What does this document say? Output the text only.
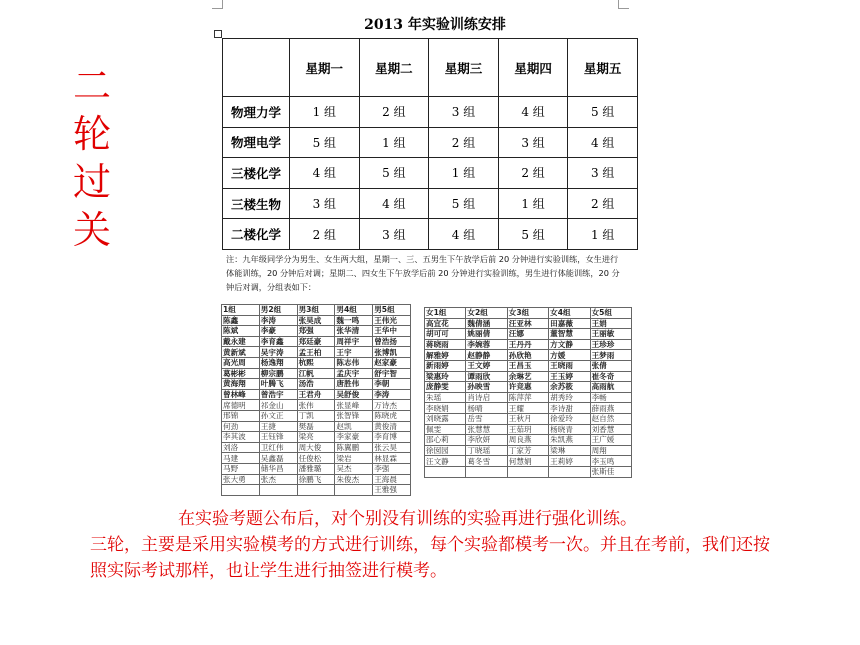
二
轮
过
关
2013 年实验训练安排
	星期一	星期二	星期三	星期四	星期五
物理力学	1 组	2 组	3 组	4 组	5 组
物理电学	5 组	1 组	2 组	3 组	4 组
三楼化学	4 组	5 组	1 组	2 组	3 组
三楼生物	3 组	4 组	5 组	1 组	2 组
二楼化学	2 组	3 组	4 组	5 组	1 组
注：九年级同学分为男生、女生两大组，星期一、三、五男生下午放学后前 20 分钟进行实验训练，女生进行体能训练，20 分钟后对调；星期二、四女生下午放学后前 20 分钟进行实验训练，男生进行体能训练，20 分钟后对调，分组表如下：
1组	男2组	男3组	男4组	男5组
陈鑫	李涛	张昊成	魏一鸣	王伟光
陈斌	李豪	郑强	张华清	王华中
戴永建	李育鑫	郑廷豪	周祥宇	曾浩扬
黄新斌	吴宇涛	孟王柏	王宇	张博凯
高光周	杨逸翔	杭熙	陈志伟	赵家豪
葛彬彬	柳宗鹏	江帆	孟庆宇	舒宇智
黄海翔	叶腾飞	汤浩	唐胜伟	李朝
曾林峰	曾浩宇	王君舟	吴舒俊	李涛
席德明	祁金山	张伟	张显峰	万诗杰
邢锦	孙文正	丁凯	张智锋	陈晓虎
何劲	王捷	樊磊	赵凯	黄俊清
李其波	王钰锋	梁亮	李家豪	李育博
刘洛	卫红伟	周大俊	陈翼鹏	张云昊
马建	吴鑫磊	任俊松	梁岩	林显霖
马野	储华昌	潘雅璐	吴杰	李强
张大勇	张杰	徐鹏飞	朱俊杰	王海晨
				王雅强
女1组	女2组	女3组	女4组	女5组
高宜花	魏倩涵	汪亚林	田嘉薇	王娟
胡可可	姚丽倩	汪娜	董智慧	王丽敏
蒋晓雨	李婉蓉	王丹丹	方文静	王珍珍
解雅婷	赵静静	孙欣艳	方媛	王梦雨
新雨婷	王文婷	王昌玉	王晓雨	张倩
梁惠玲	谭雨欣	余琳艺	王玉婷	崔冬奇
庞静雯	孙映雪	许竞惠	余苏筱	高雨航
朱瑶	肖诗启	陈萍萍	胡秀玲	李畅
李晓娟	杨晴	王耀	李诗甜	薛雨燕
刘晓露	岳雪	王秋月	徐爱玲	赵自然
佩雯	张慧慧	王茹玥	杨晓青	刘香慧
邵心莉	李欣妍	周良燕	朱凯燕	王广媛
徐囡园	丁晓瑶	丁家芳	梁琳	周翔
汪文静	葛冬雪	何慧娟	王莉婷	李玉鸣
				张斯佳
在实验考题公布后，对个别没有训练的实验再进行强化训练。
三轮，主要是采用实验模考的方式进行训练，每个实验都模考一次。并且在考前，我们还按照实际考试那样，也让学生进行抽签进行模考。
